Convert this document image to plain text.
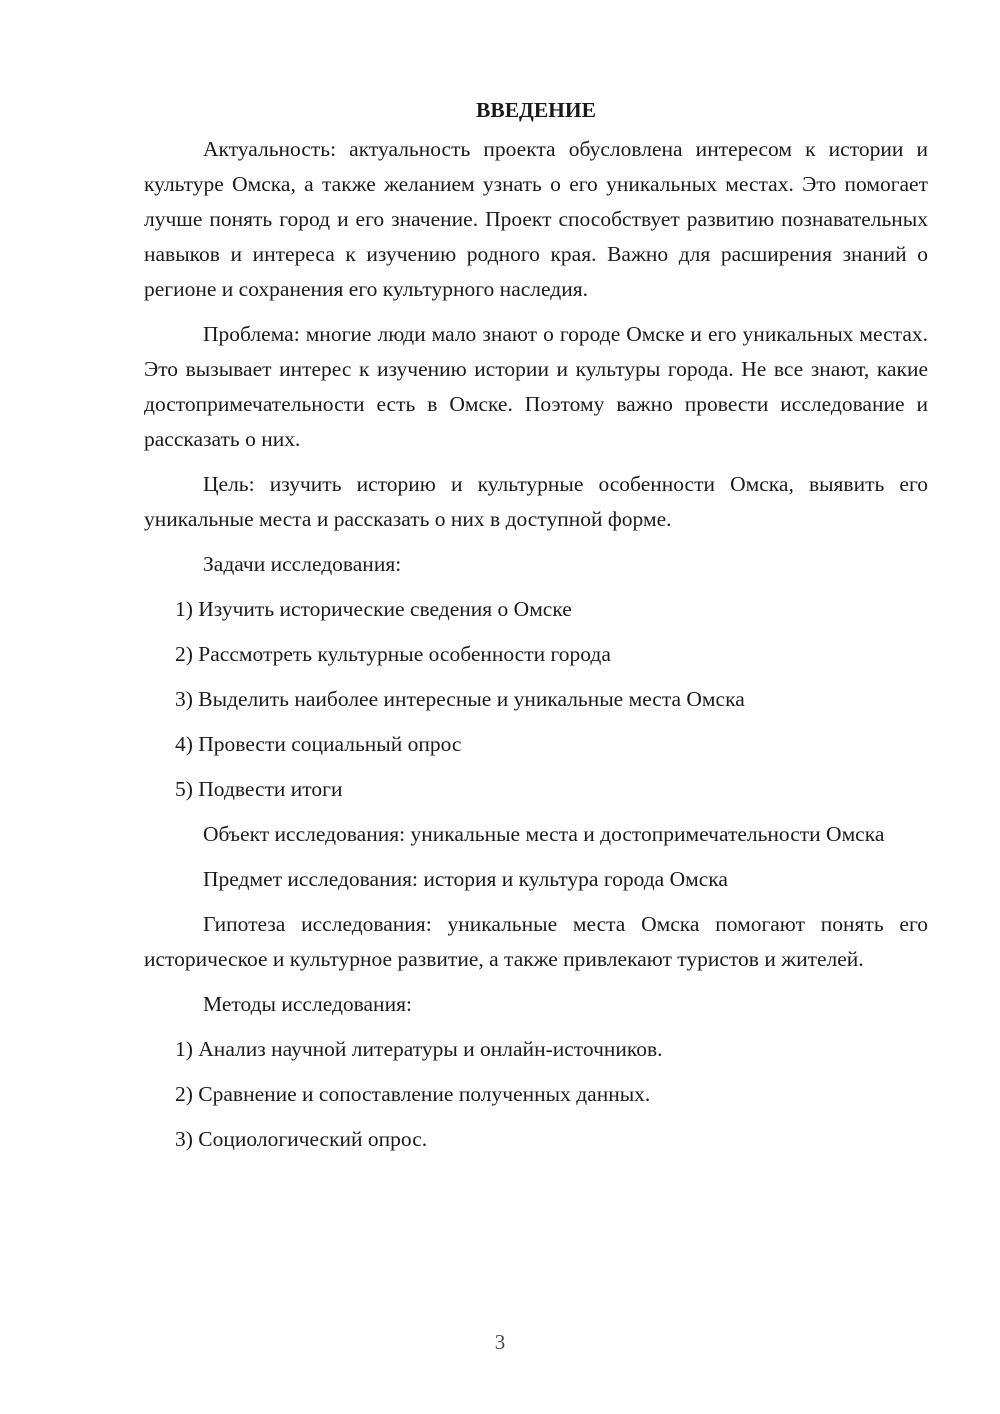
ВВЕДЕНИЕ

Актуальность: актуальность проекта обусловлена интересом к истории и культуре Омска, а также желанием узнать о его уникальных местах. Это помогает лучше понять город и его значение. Проект способствует развитию познавательных навыков и интереса к изучению родного края. Важно для расширения знаний о регионе и сохранения его культурного наследия.

Проблема: многие люди мало знают о городе Омске и его уникальных местах. Это вызывает интерес к изучению истории и культуры города. Не все знают, какие достопримечательности есть в Омске. Поэтому важно провести исследование и рассказать о них.

Цель: изучить историю и культурные особенности Омска, выявить его уникальные места и рассказать о них в доступной форме.

Задачи исследования:

1) Изучить исторические сведения о Омске

2) Рассмотреть культурные особенности города

3) Выделить наиболее интересные и уникальные места Омска

4) Провести социальный опрос

5) Подвести итоги

Объект исследования: уникальные места и достопримечательности Омска

Предмет исследования: история и культура города Омска

Гипотеза исследования: уникальные места Омска помогают понять его историческое и культурное развитие, а также привлекают туристов и жителей.

Методы исследования:

1) Анализ научной литературы и онлайн-источников.

2) Сравнение и сопоставление полученных данных.

3) Социологический опрос.

3
